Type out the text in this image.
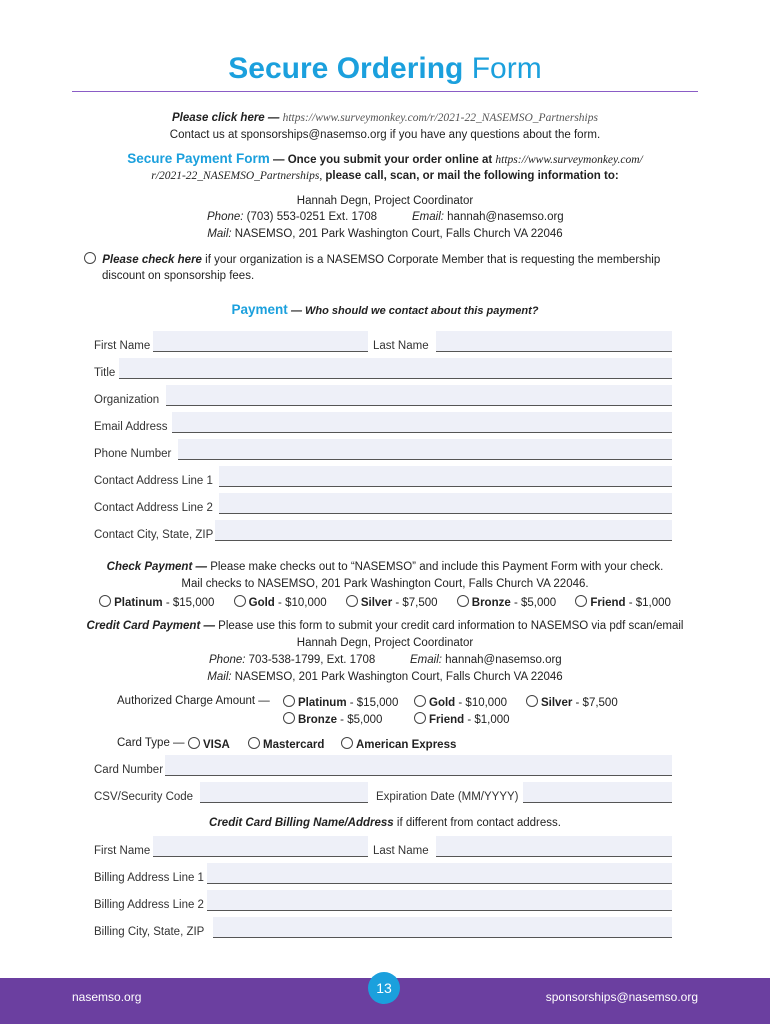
Secure Ordering Form
Please click here — https://www.surveymonkey.com/r/2021-22_NASEMSO_Partnerships
Contact us at sponsorships@nasemso.org if you have any questions about the form.
Secure Payment Form — Once you submit your order online at https://www.surveymonkey.com/
r/2021-22_NASEMSO_Partnerships, please call, scan, or mail the following information to:
Hannah Degn, Project Coordinator
Phone: (703) 553-0251 Ext. 1708	Email: hannah@nasemso.org
Mail: NASEMSO, 201 Park Washington Court, Falls Church VA 22046
Please check here if your organization is a NASEMSO Corporate Member that is requesting the membership
discount on sponsorship fees.
Payment — Who should we contact about this payment?
First Name	Last Name
Title
Organization
Email Address
Phone Number
Contact Address Line 1
Contact Address Line 2
Contact City, State, ZIP
Check Payment — Please make checks out to “NASEMSO” and include this Payment Form with your check.
Mail checks to NASEMSO, 201 Park Washington Court, Falls Church VA 22046.
Platinum - $15,000	Gold - $10,000	Silver - $7,500	Bronze - $5,000	Friend - $1,000
Credit Card Payment — Please use this form to submit your credit card information to NASEMSO via pdf scan/email
Hannah Degn, Project Coordinator
Phone: 703-538-1799, Ext. 1708	Email: hannah@nasemso.org
Mail: NASEMSO, 201 Park Washington Court, Falls Church VA 22046
Authorized Charge Amount —	Platinum - $15,000	Gold - $10,000	Silver - $7,500
Bronze - $5,000	Friend - $1,000
Card Type —	VISA	Mastercard	American Express
Card Number
CSV/Security Code	Expiration Date (MM/YYYY)
Credit Card Billing Name/Address if different from contact address.
First Name	Last Name
Billing Address Line 1
Billing Address Line 2
Billing City, State, ZIP
nasemso.org	sponsorships@nasemso.org
13
